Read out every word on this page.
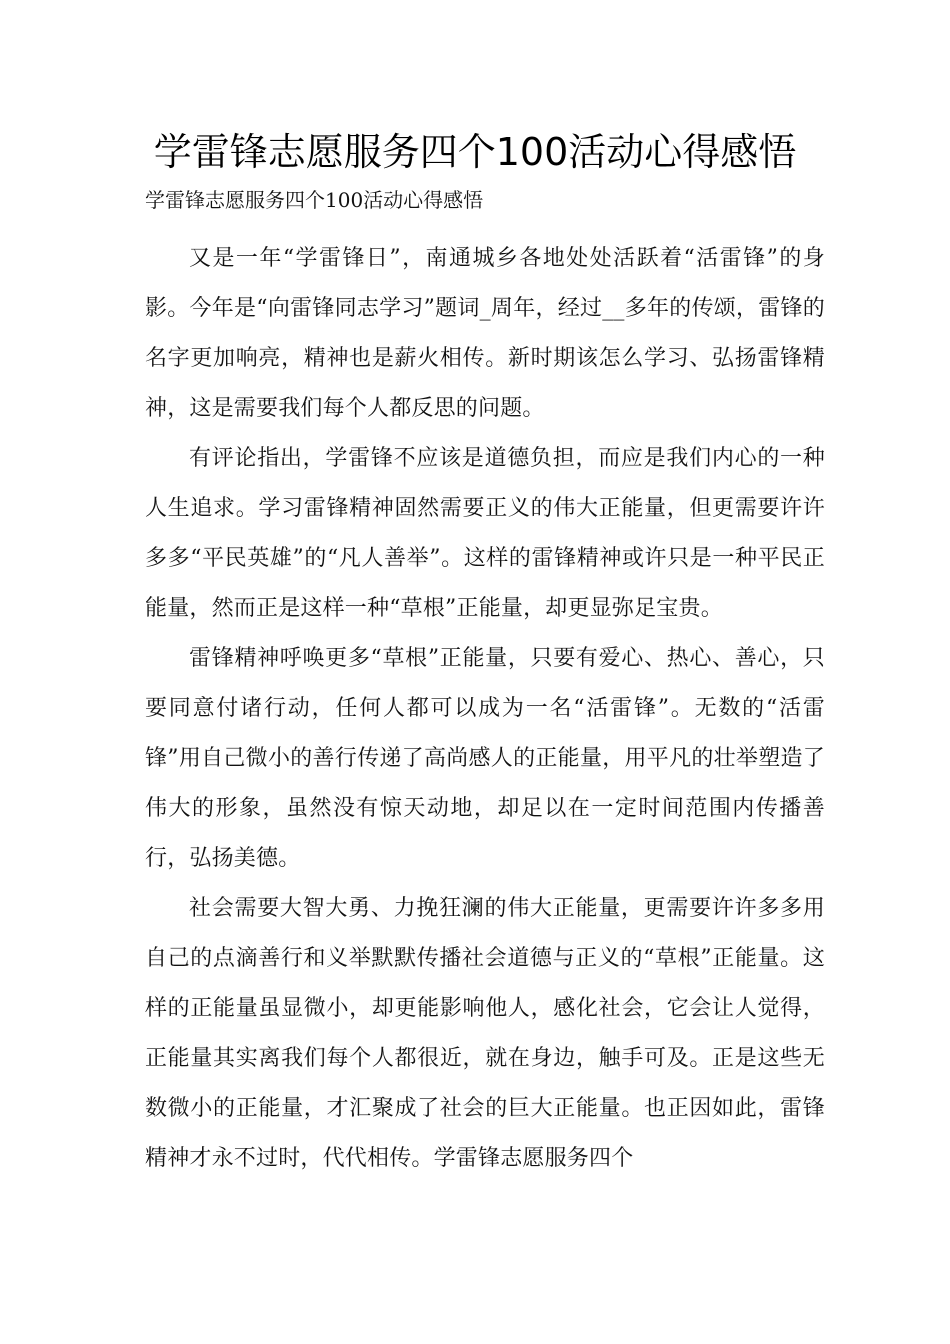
学雷锋志愿服务四个100活动心得感悟
学雷锋志愿服务四个100活动心得感悟

又是一年“学雷锋日”，南通城乡各地处处活跃着“活雷锋”的身影。今年是“向雷锋同志学习”题词_周年，经过__多年的传颂，雷锋的名字更加响亮，精神也是薪火相传。新时期该怎么学习、弘扬雷锋精神，这是需要我们每个人都反思的问题。

有评论指出，学雷锋不应该是道德负担，而应是我们内心的一种人生追求。学习雷锋精神固然需要正义的伟大正能量，但更需要许许多多“平民英雄”的“凡人善举”。这样的雷锋精神或许只是一种平民正能量，然而正是这样一种“草根”正能量，却更显弥足宝贵。

雷锋精神呼唤更多“草根”正能量，只要有爱心、热心、善心，只要同意付诸行动，任何人都可以成为一名“活雷锋”。无数的“活雷锋”用自己微小的善行传递了高尚感人的正能量，用平凡的壮举塑造了伟大的形象，虽然没有惊天动地，却足以在一定时间范围内传播善行，弘扬美德。

社会需要大智大勇、力挽狂澜的伟大正能量，更需要许许多多用自己的点滴善行和义举默默传播社会道德与正义的“草根”正能量。这样的正能量虽显微小，却更能影响他人，感化社会，它会让人觉得，正能量其实离我们每个人都很近，就在身边，触手可及。正是这些无数微小的正能量，才汇聚成了社会的巨大正能量。也正因如此，雷锋精神才永不过时，代代相传。学雷锋志愿服务四个
